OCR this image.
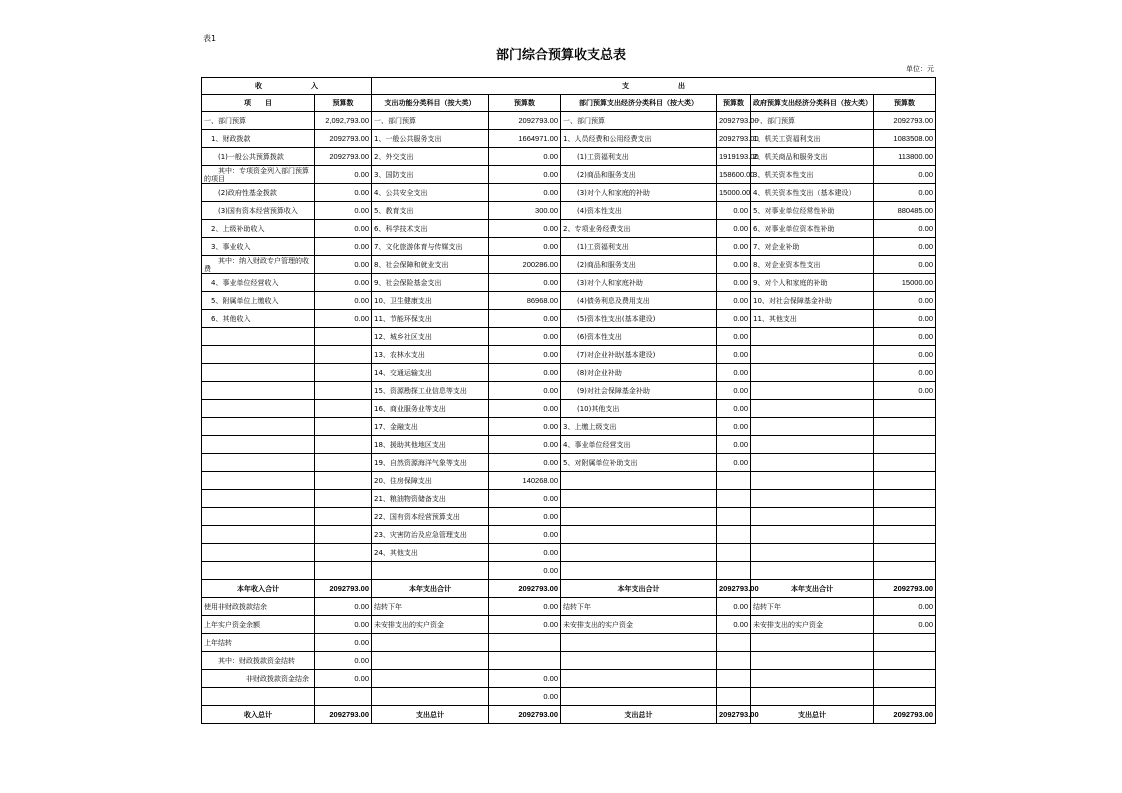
表1
部门综合预算收支总表
单位：元
收　　　　　　　入		支　　　　　　　出					
项　　目	预算数	支出功能分类科目（按大类）	预算数	部门预算支出经济分类科目（按大类）	预算数	政府预算支出经济分类科目（按大类）	预算数
一、部门预算	2,092,793.00	一、部门预算	2092793.00	一、部门预算	2092793.00	一、部门预算	2092793.00
　1、财政拨款	2092793.00	1、一般公共服务支出	1664971.00	1、人员经费和公用经费支出	2092793.00	1、机关工资福利支出	1083508.00
　　(1)一般公共预算拨款	2092793.00	2、外交支出	0.00	　　(1)工资福利支出	1919193.00	2、机关商品和服务支出	113800.00
　　其中：专项资金列入部门预算的项目	0.00	3、国防支出	0.00	　　(2)商品和服务支出	158600.00	3、机关资本性支出	0.00
　　(2)政府性基金拨款	0.00	4、公共安全支出	0.00	　　(3)对个人和家庭的补助	15000.00	4、机关资本性支出（基本建设）	0.00
　　(3)国有资本经营预算收入	0.00	5、教育支出	300.00	　　(4)资本性支出	0.00	5、对事业单位经常性补助	880485.00
　2、上级补助收入	0.00	6、科学技术支出	0.00	2、专项业务经费支出	0.00	6、对事业单位资本性补助	0.00
　3、事业收入	0.00	7、文化旅游体育与传媒支出	0.00	　　(1)工资福利支出	0.00	7、对企业补助	0.00
　　其中：纳入财政专户管理的收费	0.00	8、社会保障和就业支出	200286.00	　　(2)商品和服务支出	0.00	8、对企业资本性支出	0.00
　4、事业单位经营收入	0.00	9、社会保险基金支出	0.00	　　(3)对个人和家庭补助	0.00	9、对个人和家庭的补助	15000.00
　5、附属单位上缴收入	0.00	10、卫生健康支出	86968.00	　　(4)债务利息及费用支出	0.00	10、对社会保障基金补助	0.00
　6、其他收入	0.00	11、节能环保支出	0.00	　　(5)资本性支出(基本建设)	0.00	11、其他支出	0.00
		12、城乡社区支出	0.00	　　(6)资本性支出	0.00		0.00
		13、农林水支出	0.00	　　(7)对企业补助(基本建设)	0.00		0.00
		14、交通运输支出	0.00	　　(8)对企业补助	0.00		0.00
		15、资源勘探工业信息等支出	0.00	　　(9)对社会保障基金补助	0.00		0.00
		16、商业服务业等支出	0.00	　　(10)其他支出	0.00		
		17、金融支出	0.00	3、上缴上级支出	0.00		
		18、援助其他地区支出	0.00	4、事业单位经营支出	0.00		
		19、自然资源海洋气象等支出	0.00	5、对附属单位补助支出	0.00		
		20、住房保障支出	140268.00				
		21、粮油物资储备支出	0.00				
		22、国有资本经营预算支出	0.00				
		23、灾害防治及应急管理支出	0.00				
		24、其他支出	0.00				
			0.00				
本年收入合计	2092793.00	本年支出合计	2092793.00	本年支出合计	2092793.00	本年支出合计	2092793.00
使用非财政拨款结余	0.00	结转下年	0.00	结转下年	0.00	结转下年	0.00
上年实户资金余额	0.00	未安排支出的实户资金	0.00	未安排支出的实户资金	0.00	未安排支出的实户资金	0.00
上年结转	0.00						
　　其中：财政拨款资金结转	0.00						
　　　　　　非财政拨款资金结余	0.00		0.00				
			0.00				
收入总计	2092793.00	支出总计	2092793.00	支出总计	2092793.00	支出总计	2092793.00
